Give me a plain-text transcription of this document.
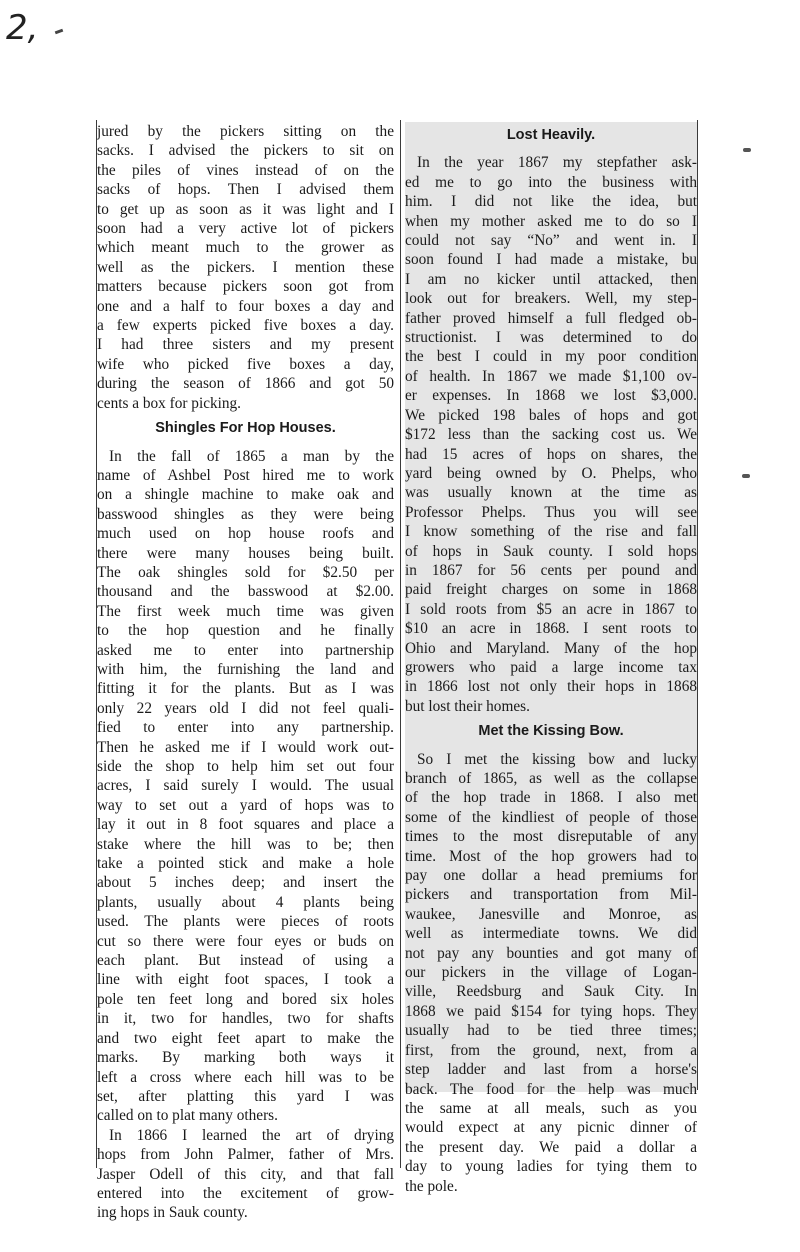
2,
jured by the pickers sitting on the
sacks. I advised the pickers to sit on
the piles of vines instead of on the
sacks of hops. Then I advised them
to get up as soon as it was light and I
soon had a very active lot of pickers
which meant much to the grower as
well as the pickers. I mention these
matters because pickers soon got from
one and a half to four boxes a day and
a few experts picked five boxes a day.
I had three sisters and my present
wife who picked five boxes a day,
during the season of 1866 and got 50
cents a box for picking.
Shingles For Hop Houses.
In the fall of 1865 a man by the
name of Ashbel Post hired me to work
on a shingle machine to make oak and
basswood shingles as they were being
much used on hop house roofs and
there were many houses being built.
The oak shingles sold for $2.50 per
thousand and the basswood at $2.00.
The first week much time was given
to the hop question and he finally
asked me to enter into partnership
with him, the furnishing the land and
fitting it for the plants. But as I was
only 22 years old I did not feel quali-
fied to enter into any partnership.
Then he asked me if I would work out-
side the shop to help him set out four
acres, I said surely I would. The usual
way to set out a yard of hops was to
lay it out in 8 foot squares and place a
stake where the hill was to be; then
take a pointed stick and make a hole
about 5 inches deep; and insert the
plants, usually about 4 plants being
used. The plants were pieces of roots
cut so there were four eyes or buds on
each plant. But instead of using a
line with eight foot spaces, I took a
pole ten feet long and bored six holes
in it, two for handles, two for shafts
and two eight feet apart to make the
marks. By marking both ways it
left a cross where each hill was to be
set, after platting this yard I was
called on to plat many others.
In 1866 I learned the art of drying
hops from John Palmer, father of Mrs.
Jasper Odell of this city, and that fall
entered into the excitement of grow-
ing hops in Sauk county.
Lost Heavily.
In the year 1867 my stepfather ask-
ed me to go into the business with
him. I did not like the idea, but
when my mother asked me to do so I
could not say “No” and went in. I
soon found I had made a mistake, bu
I am no kicker until attacked, then
look out for breakers. Well, my step-
father proved himself a full fledged ob-
structionist. I was determined to do
the best I could in my poor condition
of health. In 1867 we made $1,100 ov-
er expenses. In 1868 we lost $3,000.
We picked 198 bales of hops and got
$172 less than the sacking cost us. We
had 15 acres of hops on shares, the
yard being owned by O. Phelps, who
was usually known at the time as
Professor Phelps. Thus you will see
I know something of the rise and fall
of hops in Sauk county. I sold hops
in 1867 for 56 cents per pound and
paid freight charges on some in 1868
I sold roots from $5 an acre in 1867 to
$10 an acre in 1868. I sent roots to
Ohio and Maryland. Many of the hop
growers who paid a large income tax
in 1866 lost not only their hops in 1868
but lost their homes.
Met the Kissing Bow.
So I met the kissing bow and lucky
branch of 1865, as well as the collapse
of the hop trade in 1868. I also met
some of the kindliest of people of those
times to the most disreputable of any
time. Most of the hop growers had to
pay one dollar a head premiums for
pickers and transportation from Mil-
waukee, Janesville and Monroe, as
well as intermediate towns. We did
not pay any bounties and got many of
our pickers in the village of Logan-
ville, Reedsburg and Sauk City. In
1868 we paid $154 for tying hops. They
usually had to be tied three times;
first, from the ground, next, from a
step ladder and last from a horse's
back. The food for the help was much
the same at all meals, such as you
would expect at any picnic dinner of
the present day. We paid a dollar a
day to young ladies for tying them to
the pole.
